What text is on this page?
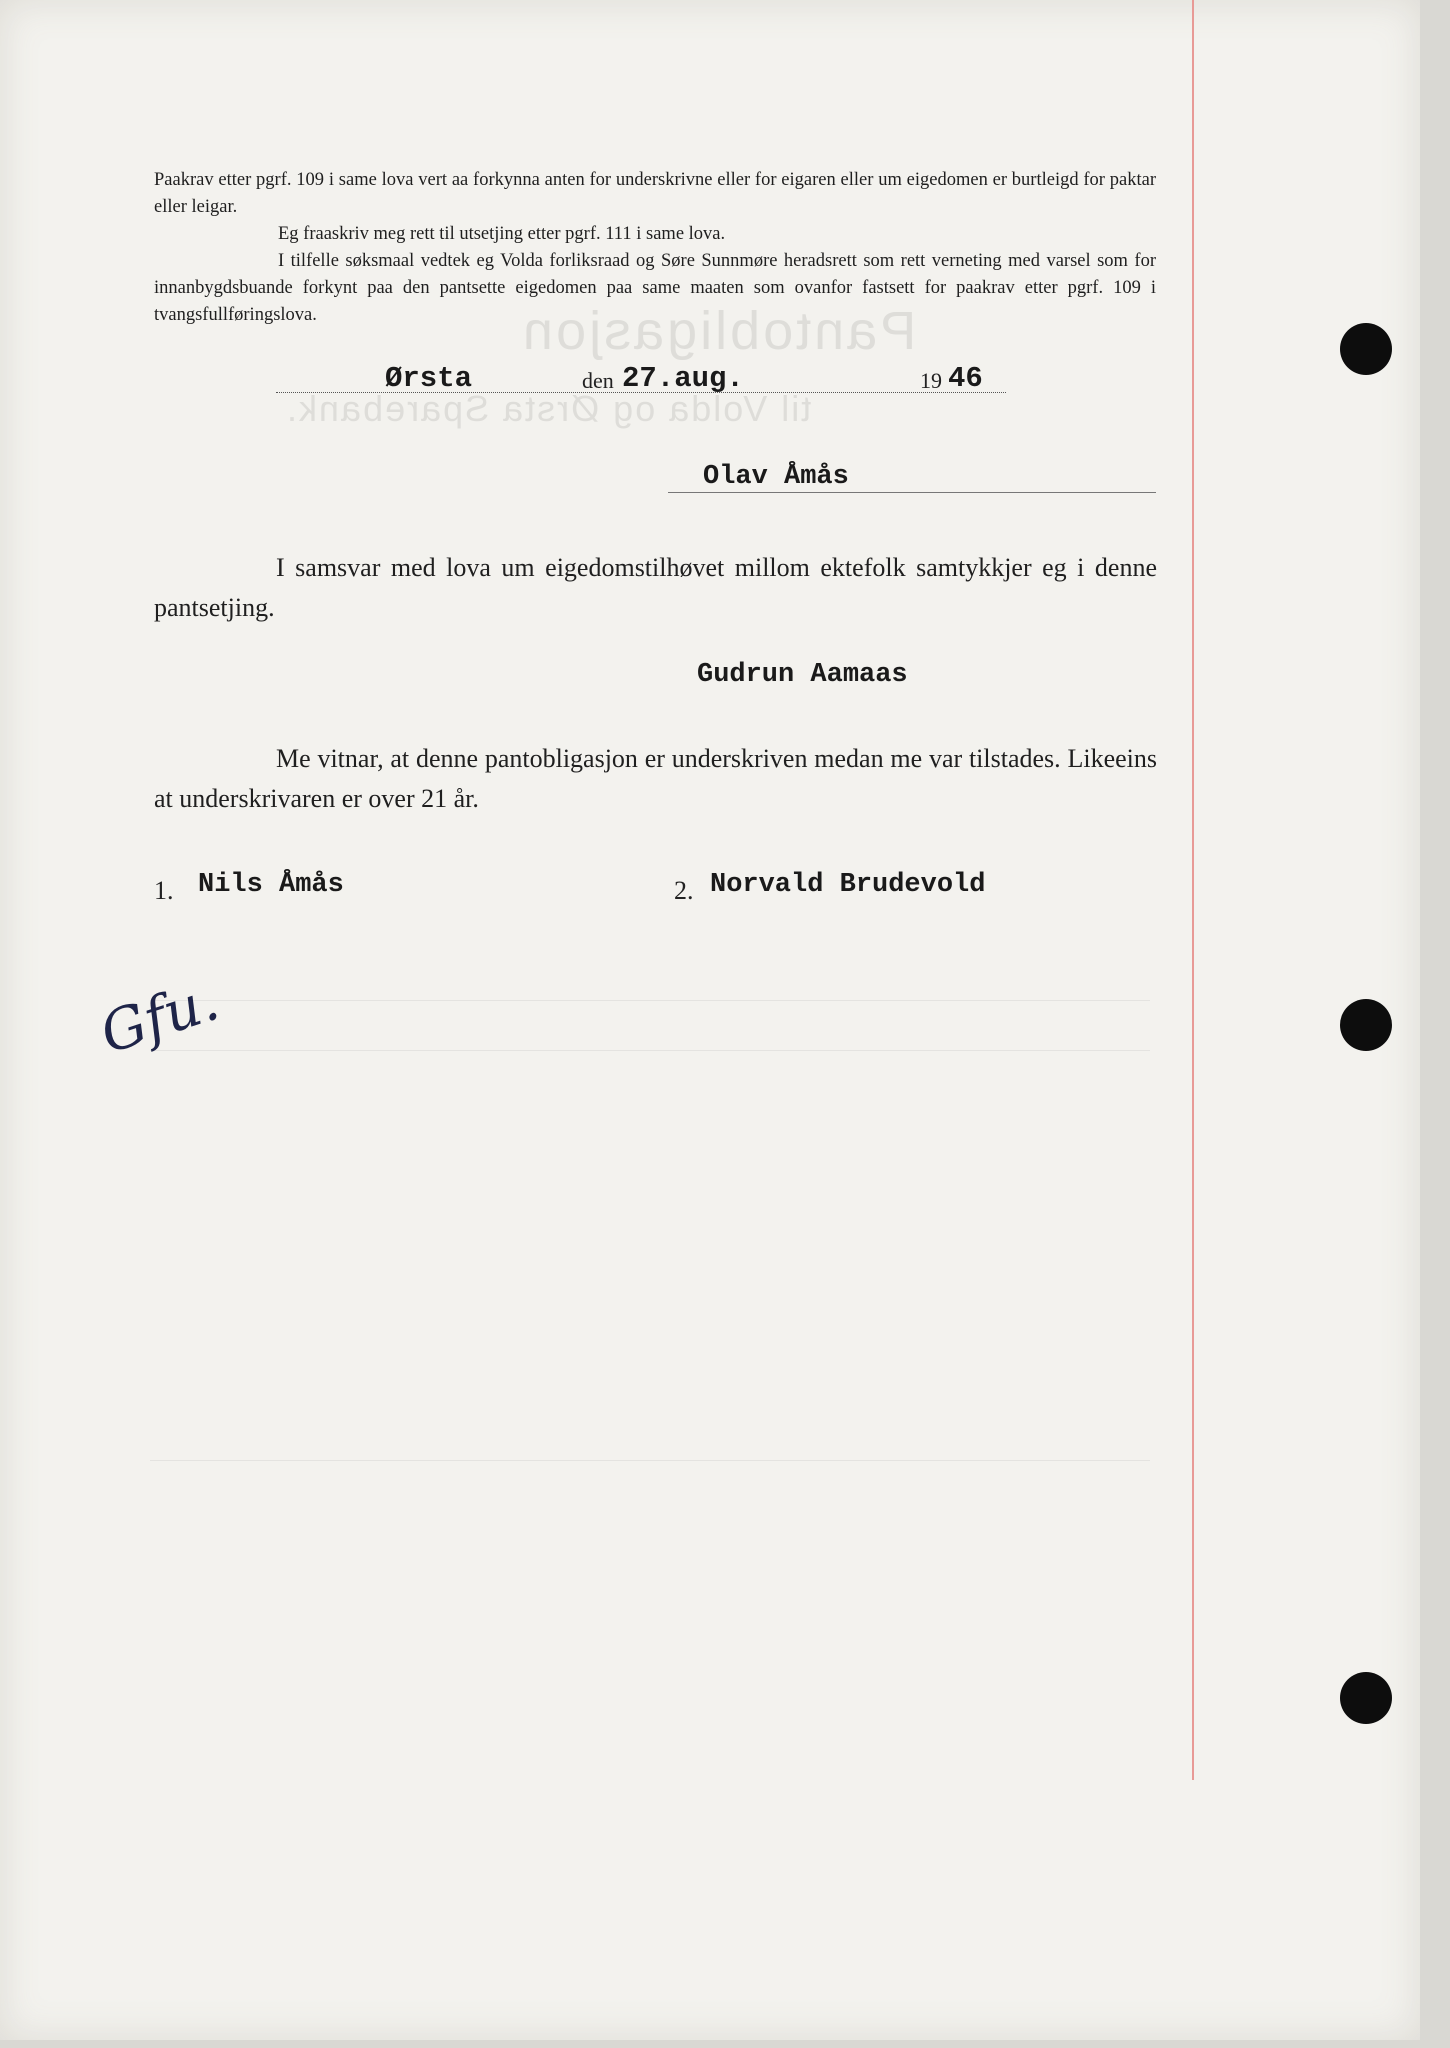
Pantobligasjon
til Volda og Ørsta Sparebank.
Paakrav etter pgrf. 109 i same lova vert aa forkynna anten for underskrivne eller for eigaren eller um eigedomen er burtleigd for paktar eller leigar.
Eg fraaskriv meg rett til utsetjing etter pgrf. 111 i same lova.
I tilfelle søksmaal vedtek eg Volda forliksraad og Søre Sunnmøre heradsrett som rett verneting med varsel som for innanbygdsbuande forkynt paa den pantsette eigedomen paa same maaten som ovanfor fastsett for paakrav etter pgrf. 109 i tvangsfullføringslova.
Ørsta	den 27.aug.	19 46
Olav Åmås
I samsvar med lova um eigedomstilhøvet millom ektefolk samtykkjer eg i denne pantsetjing.
Gudrun Aamaas
Me vitnar, at denne pantobligasjon er underskriven medan me var tilstades. Likeeins at underskrivaren er over 21 år.
1. Nils Åmås	2. Norvald Brudevold
Gfu.
